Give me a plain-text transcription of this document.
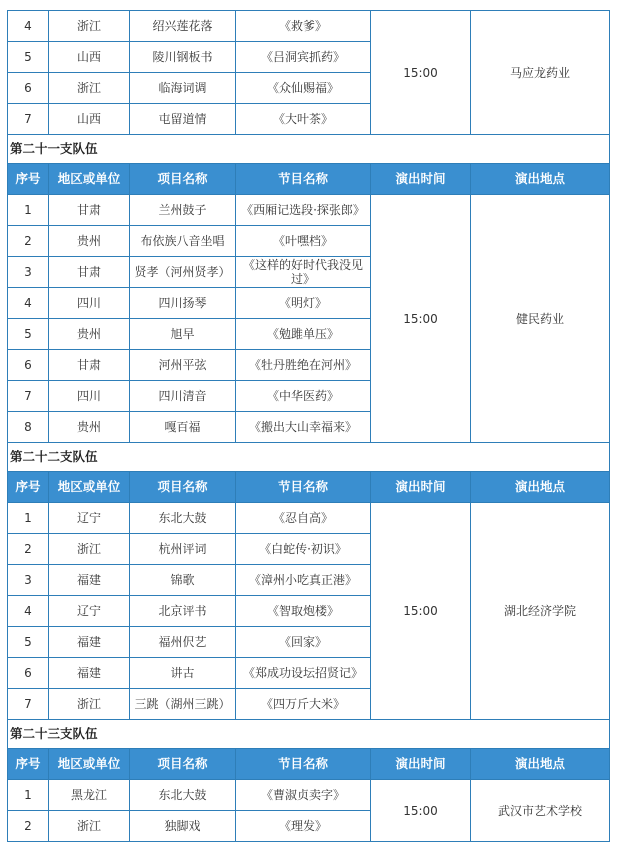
4	浙江	绍兴莲花落	《救爹》	15:00	马应龙药业
5	山西	陵川钢板书	《吕洞宾抓药》		
6	浙江	临海词调	《众仙赐福》		
7	山西	屯留道情	《大叶茶》		
第二十一支队伍					
序号	地区或单位	项目名称	节目名称	演出时间	演出地点
1	甘肃	兰州鼓子	《西厢记选段·探张郎》	15:00	健民药业
2	贵州	布依族八音坐唱	《叶嘿档》		
3	甘肃	贤孝（河州贤孝）	《这样的好时代我没见过》		
4	四川	四川扬琴	《明灯》		
5	贵州	旭早	《勉雎单压》		
6	甘肃	河州平弦	《牡丹胜绝在河州》		
7	四川	四川清音	《中华医药》		
8	贵州	嘎百福	《搬出大山幸福来》		
第二十二支队伍					
序号	地区或单位	项目名称	节目名称	演出时间	演出地点
1	辽宁	东北大鼓	《忍自高》	15:00	湖北经济学院
2	浙江	杭州评词	《白蛇传·初识》		
3	福建	锦歌	《漳州小吃真正港》		
4	辽宁	北京评书	《智取炮楼》		
5	福建	福州伬艺	《回家》		
6	福建	讲古	《郑成功设坛招贤记》		
7	浙江	三跳（湖州三跳）	《四万斤大米》		
第二十三支队伍					
序号	地区或单位	项目名称	节目名称	演出时间	演出地点
1	黑龙江	东北大鼓	《曹淑贞卖字》	15:00	武汉市艺术学校
2	浙江	独脚戏	《理发》		
